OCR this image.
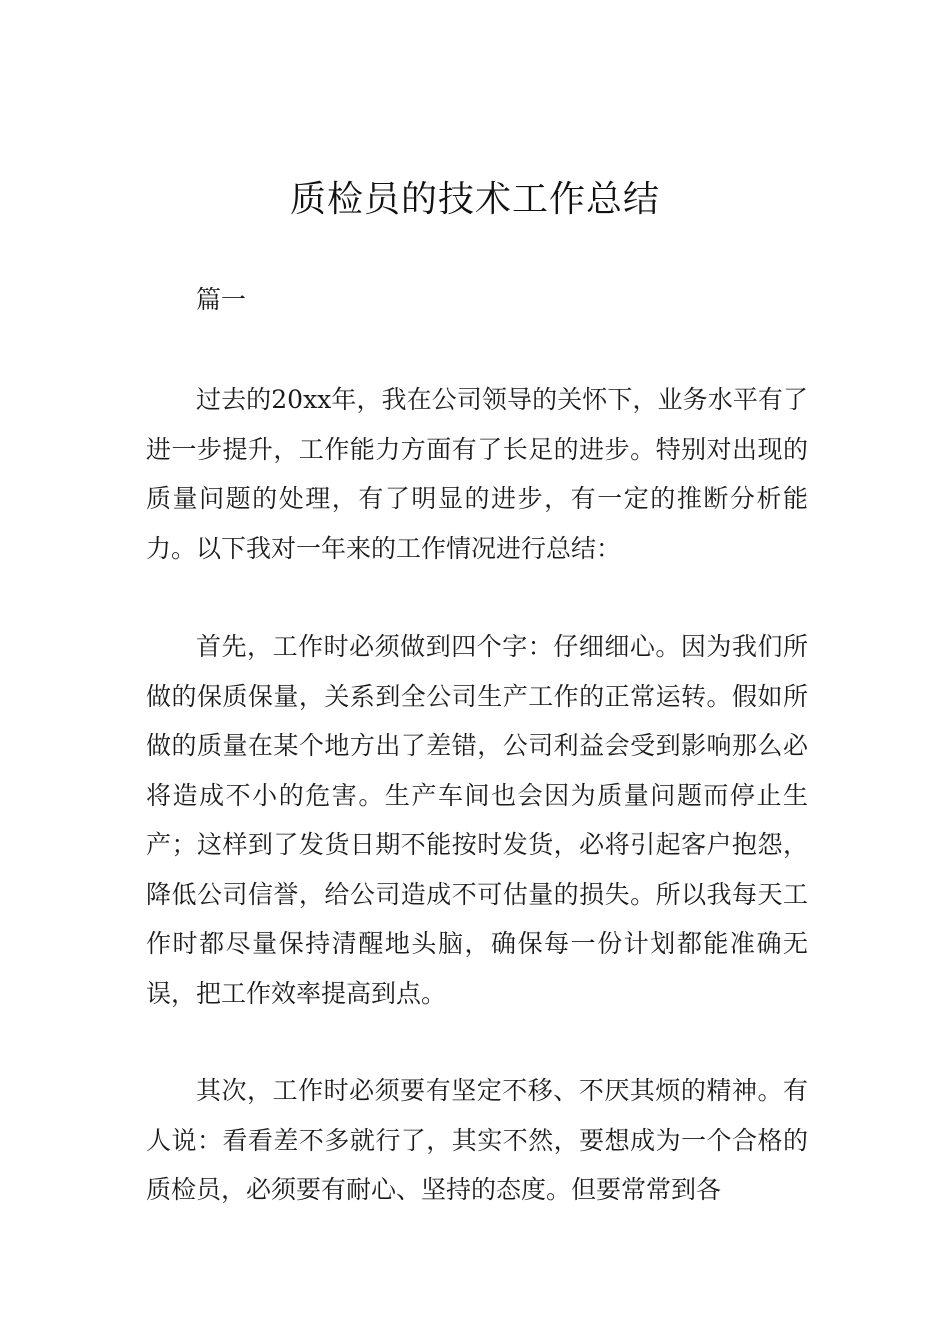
质检员的技术工作总结

篇一

过去的20xx年，我在公司领导的关怀下，业务水平有了进一步提升，工作能力方面有了长足的进步。特别对出现的质量问题的处理，有了明显的进步，有一定的推断分析能力。以下我对一年来的工作情况进行总结：

首先，工作时必须做到四个字：仔细细心。因为我们所做的保质保量，关系到全公司生产工作的正常运转。假如所做的质量在某个地方出了差错，公司利益会受到影响那么必将造成不小的危害。生产车间也会因为质量问题而停止生产；这样到了发货日期不能按时发货，必将引起客户抱怨，降低公司信誉，给公司造成不可估量的损失。所以我每天工作时都尽量保持清醒地头脑，确保每一份计划都能准确无误，把工作效率提高到点。

其次，工作时必须要有坚定不移、不厌其烦的精神。有人说：看看差不多就行了，其实不然，要想成为一个合格的质检员，必须要有耐心、坚持的态度。但要常常到各
